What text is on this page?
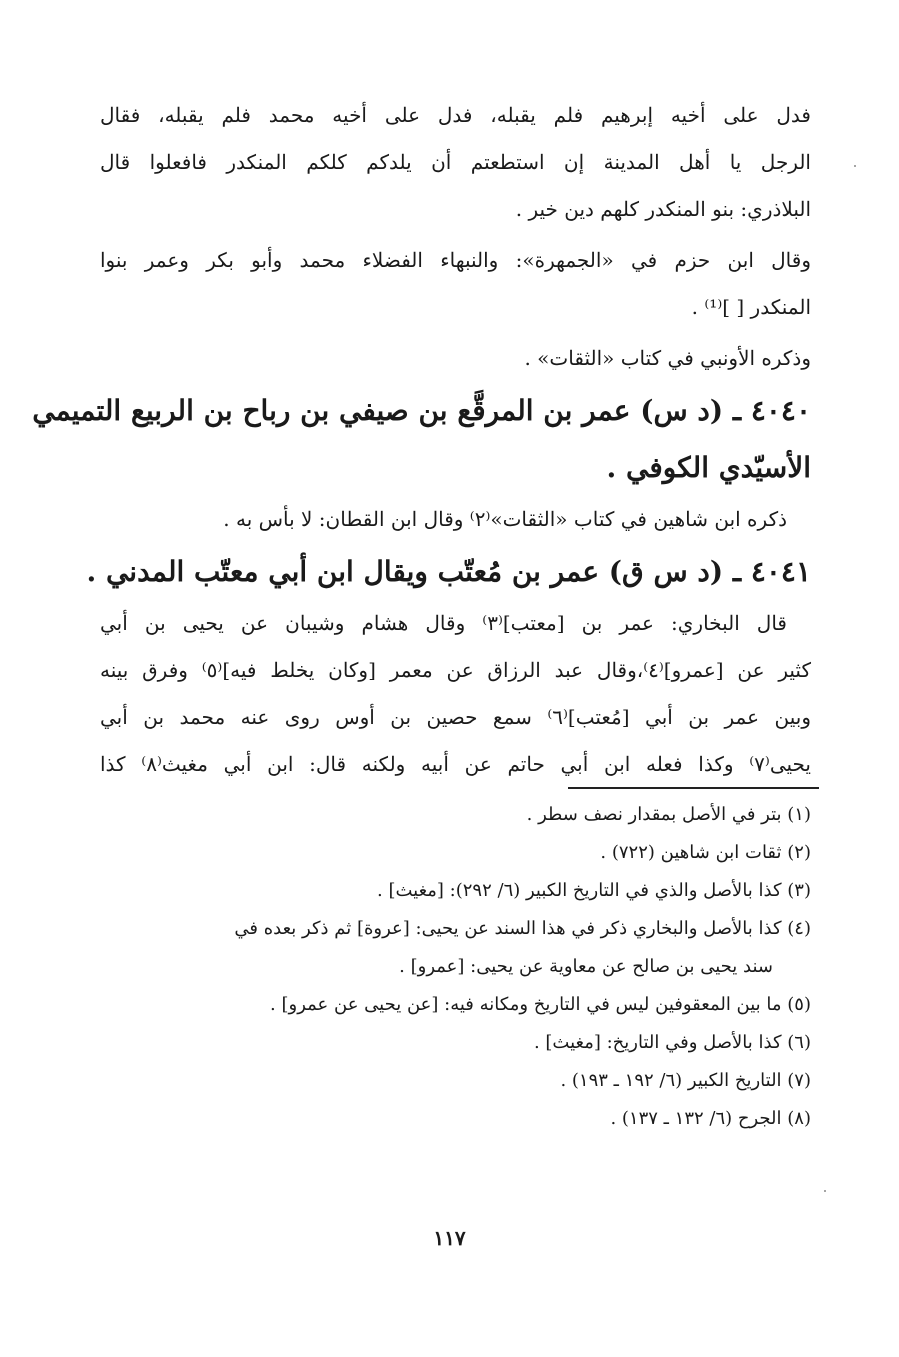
فدل على أخيه إبرهيم فلم يقبله، فدل على أخيه محمد فلم يقبله، فقال
الرجل يا أهل المدينة إن استطعتم أن يلدكم كلكم المنكدر فافعلوا قال
البلاذري: بنو المنكدر كلهم دين خير .
وقال ابن حزم في «الجمهرة»: والنبهاء الفضلاء محمد وأبو بكر وعمر بنوا
المنكدر [ ]⁽¹⁾ .
وذكره الأونبي في كتاب «الثقات» .
٤٠٤٠ ـ (د س) عمر بن المرقَّع بن صيفي بن رباح بن الربيع التميمي
الأسيّدي الكوفي .
ذكره ابن شاهين في كتاب «الثقات»⁽٢⁾ وقال ابن القطان: لا بأس به .
٤٠٤١ ـ (د س ق) عمر بن مُعتّب ويقال ابن أبي معتّب المدني .
قال البخاري: عمر بن [معتب]⁽٣⁾ وقال هشام وشيبان عن يحيى بن أبي
كثير عن [عمرو]⁽٤⁾،وقال عبد الرزاق عن معمر [وكان يخلط فيه]⁽٥⁾ وفرق بينه
وبين عمر بن أبي [مُعتب]⁽٦⁾ سمع حصين بن أوس روى عنه محمد بن أبي
يحيى⁽٧⁾ وكذا فعله ابن أبي حاتم عن أبيه ولكنه قال: ابن أبي مغيث⁽٨⁾ كذا
(١) بتر في الأصل بمقدار نصف سطر .
(٢) ثقات ابن شاهين (٧٢٢) .
(٣) كذا بالأصل والذي في التاريخ الكبير (٦/ ٢٩٢): [مغيث] .
(٤) كذا بالأصل والبخاري ذكر في هذا السند عن يحيى: [عروة] ثم ذكر بعده في
سند يحيى بن صالح عن معاوية عن يحيى: [عمرو] .
(٥) ما بين المعقوفين ليس في التاريخ ومكانه فيه: [عن يحيى عن عمرو] .
(٦) كذا بالأصل وفي التاريخ: [مغيث] .
(٧) التاريخ الكبير (٦/ ١٩٢ ـ ١٩٣) .
(٨) الجرح (٦/ ١٣٢ ـ ١٣٧) .
١١٧
